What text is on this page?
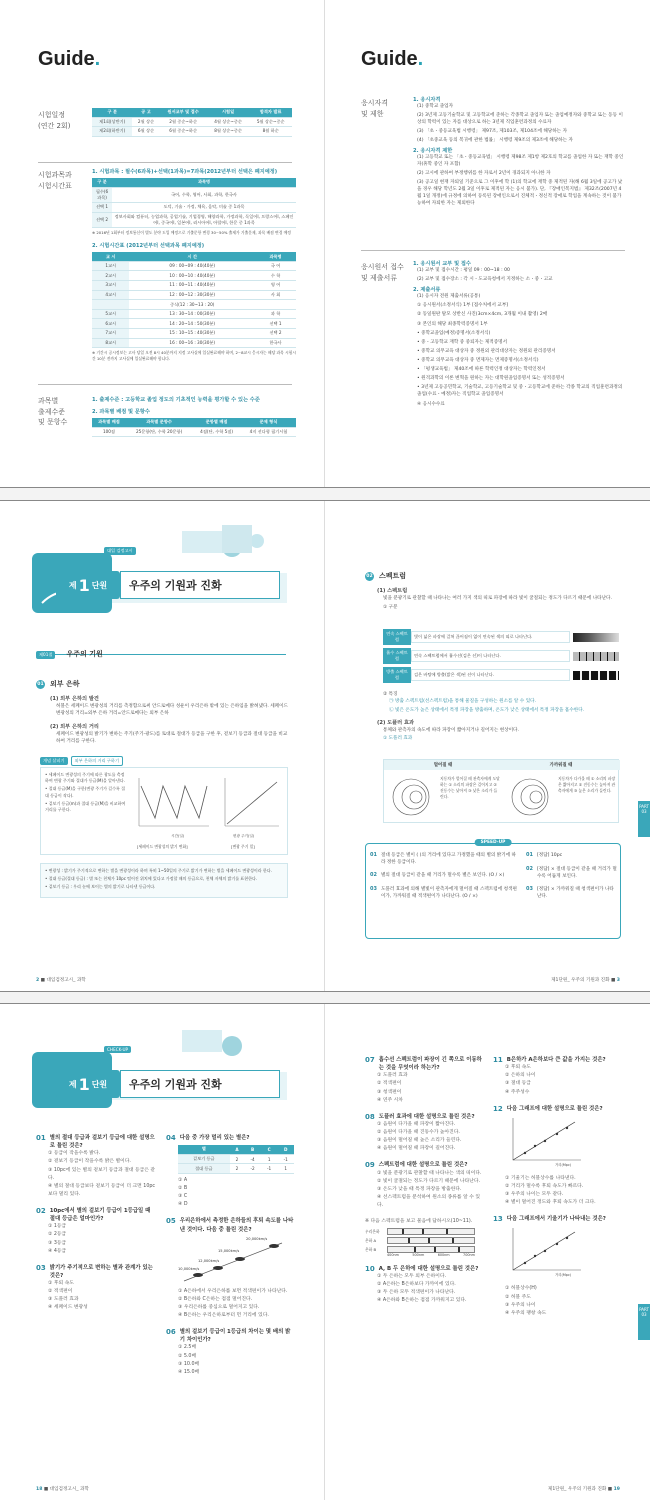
Guide.
시험일정
(연간 2회)
구 분	공 고	원서교부 및 접수	시험일	합격자 발표
제1회(상반기)	2월 상순	2월 중순~하순	4월 상순~중순	5월 상순~중순
제2회(하반기)	6월 상순	6월 중순~하순	8월 상순~중순	8월 하순
시험과목과
시험시간표
1. 시험과목 : 필수(6과목)+선택(1과목)=7과목(2012년부터 선택은 폐지예정)
구 분	과목명
필수(6과목)	국어, 수학, 영어, 사회, 과학, 한국사
선택 1	도덕, 기술・가정, 체육, 음악, 미술 중 1과목
선택 2	정보사회와 컴퓨터, 농업과학, 공업기술, 기업경영, 해양과학, 가정과학, 독일어Ⅰ, 프랑스어Ⅰ, 스페인어Ⅰ, 중국어Ⅰ, 일본어Ⅰ, 러시아어Ⅰ, 아랍어Ⅰ, 한문 중 1과목
※ 2016년 1회부터 정보통신이 별도 분야 도입 예정으로 기출문항 변경 30~50% 출제가 기출문제, 과목 배점 변경 예정
2. 시험시간표 (2012년부터 선택과목 폐지예정)
교 시	시 간	과목명
1교시	09 : 00~09 : 40(40분)	국 어
2교시	10 : 00~10 : 40(40분)	수 학
3교시	11 : 00~11 : 40(40분)	영 어
4교시	12 : 00~12 : 30(30분)	사 회
	중식(12 : 30~13 : 20)	
5교시	13 : 30~14 : 00(30분)	과 학
6교시	14 : 20~14 : 50(30분)	선택 1
7교시	15 : 10~15 : 40(30분)	선택 2
8교시	16 : 00~16 : 30(30분)	한국사
※ 기간시 공시정보는 고사 당일 오전 8시 40분까지 지정 고사실에 입실완료해야 하며, 2~8교시 응시자는 해당 과목 시험시간 10분 전까지 고사실에 입실완료해야 합니다.
과목별
출제수준
및 문항수
1. 출제수준 : 고등학교 졸업 정도의 기초적인 능력을 평가할 수 있는 수준
2. 과목별 배점 및 문항수
과목별 배점	과목별 문항수	문항별 배점	문제 형식
100점	25문항(단, 수학 20문항)	4점(단, 수학 5점)	4지 선다형 필기시험
Guide.
응시자격
및 제한
1. 응시자격
(1) 중학교 졸업자
(2) 3년제 고등기술학교 및 고등학교에 준하는 각종학교 졸업자 또는 졸업예정자와 중학교 또는 동등 이상의 학력이 있는 자를 대상으로 하는 3년제 직업훈련과정의 수료자
(3) 「초・중등교육법 시행령」 제97조, 제103조, 제104조에 해당하는 자
(4) 「초중교육 등의 복귀에 관한 법률」 시행령 제9조의 제3조에 해당하는 자
2. 응시자격 제한
(1) 고등학교 또는 「초・중등교육법」 시행령 제98조 제1항 제2호의 학교를 졸업한 자 또는 재학 중인 자(휴학 중인 자 포함)
(2) 고시에 관하여 부정행위를 한 자로서 2년이 경과되지 아니한 자
(3) 공고일 현재 자퇴일 기준으로 그 이후에 학 (1)의 학교에 재학 중 제적된 자(해 6월 3일에 공고가 났을 경우 해당 학년도 2월 3일 이후로 제적된 자는 응시 불가). 단, 『장애인복지법』 제32조(2007년 4월 1일 개정)에 규정에 의하여 등록된 장애인으로서 진체적・정신적 장애로 학업을 계속하는 것이 불가능하여 자퇴한 자는 제외한다
응시원서 접수
및 제출서류
1. 응시원서 교부 및 접수
(1) 교부 및 접수시간 : 평일 09 : 00~18 : 00
(2) 교부 및 접수장소 : 각 시・도교육청에서 지정하는 소・중・고교
2. 제출서류
(1) 응시자 전원 제출서류(공통)
① 응시원서(소정서식) 1부 [접수처에서 교부]
② 동일원판 탈모 상반신 사진(3cm×4cm, 3개월 이내 촬영) 2매
③ 본인의 해당 최종학력증명서 1부
• 중학교졸업(예정)증명서(소정서식)
• 중・고등학교 재학 중 중퇴자는 제적증명서
• 중학교 의무교육 대상자 중 정원외 관리대상자는 정원외 관리증명서
• 중학교 의무교육 대상자 중 면제자는 면제증명서(소정서식)
• 「평생교육법」 제40조에 따른 학력인정 대상자는 학력인정서
• 원격과학의 이론 변혁을 원하는 자는 대학원졸업증명서 또는 성적증명서
• 3년제 고등공민학교, 기술학교, 고등기술학교 및 중・고등학교에 준하는 각종 학교의 직업훈련과정의 졸업(수료・예정)자는 직업학교 졸업증명서
④ 응시수수료
대입 검정고시
제 1 단원	우주의 기원과 진화
제01절 우주의 기원
01 외부 은하
(1) 외부 은하의 발견
허블은 세페이드 변광성의 거리를 측정함으로써 안드로메다 성운이 우리은하 밖에 있는 은하임을 밝혀냈다. 세페이드 변광성의 거리=외부 은하 거리=안드로메다는 외부 은하
(2) 외부 은하의 거리
세페이드 변광성의 밝기가 변하는 주기(주기-광도)를 토대로 절대가 등급을 구한 후, 겉보기 등급과 절대 등급을 비교하여 거리를 구한다.
개념 살피기	외부 은하의 거리 구하기
• 세페이드 변광성의 주기에 따른 광도를 측정하여 변광 주기와 절대가 등급(M)을 알아낸다.
• 절대 등급(M)을 구한(변광 주기가 길수록 절대 등급이 작다).
• 겉보기 등급(m)과 절대 등급(M)을 비교하여 거리를 구한다.
시간(일)	변광 주기(일)
[세페이드 변광성의 밝기 변화]	[변광 주기 밀]
• 변광성 : 밝기가 주기적으로 변하는 별을 변광성이라 하며 특히 1~50일의 주기로 밝기가 변하는 별을 세페이드 변광성이라 한다.
• 절대 등급(절대 등급) : 별 또는 천체가 10pc 떨어진 위치에 있다고 가정할 때의 등급으로, 천체 자체의 밝기를 표현한다.
• 겉보기 등급 : 우리 눈에 보이는 별의 밝기로 나타낸 등급이다.
2 ■ 대입검정고시_ 과학
02 스펙트럼
(1) 스펙트럼
빛을 분광기로 관찰할 때 나타나는 여러 가지 색의 띠로 파장에 따라 빛이 굴절되는 정도가 다르기 때문에 나타난다.
① 구분
연속 스펙트럼
빛이 넓은 파장에 걸쳐 끊어짐이 없이 연속된 색의 띠로 나타난다.
흡수 스펙트럼
연속 스펙트럼에서 흡수선(검은 선)이 나타난다.
방출 스펙트럼
검은 바탕에 방출(밝은 색)된 선이 나타난다.
② 특징
㉠ 방출 스펙트럼(선스펙트럼)을 통해 물질을 구성하는 원소를 알 수 있다.
㉡ 빛은 온도가 높은 상태에서 특정 파장을 방출하며, 온도가 낮은 상태에서 특정 파장을 흡수한다.
(2) 도플러 효과
통체와 관측자의 속도에 따라 파장이 짧아지거나 길어지는 현상이다.
① 도플러 효과
멀어질 때	가까워질 때
지동차가 멀어질 때 관측자에게 도달하는 ① 소리의 파장은 길어지고 ② 진동수는 낮아져 ③ 낮은 소리가 들린다.
지동차가 다가올 때 ① 소리의 파장은 짧아지고 ② 진동수는 높아져 관측자에게 ③ 높은 소리가 들린다.
SPEED-UP
01 절대 등급은 별이 ( )의 거리에 있다고 가정했을 때의 별의 밝기에 따라 정한 등급이다.
02 별의 절대 등급이 같을 때 거리가 멀수록 별은 보인다. (O / ×)
03 도플러 효과에 의해 별빛이 관측자에게 멀어질 때 스펙트럼에 청색편이가, 가까워질 때 적색편이가 나타난다. (O / ×)
01 [정답] 10pc
02 [정답] × 절대 등급이 같을 때 거리가 멀수록 어둡게 보인다.
03 [정답] × 가까워질 때 청색편이가 나타난다.
PART 03
제1단원_ 우주의 기원과 진화 ■ 3
CHECK-UP
제 1 단원	우주의 기원과 진화
01 별의 절대 등급과 겉보기 등급에 대한 설명으로 틀린 것은?
① 등급이 작을수록 밝다.
② 겉보기 등급이 작을수록 밝은 별이다.
③ 10pc에 있는 별의 겉보기 등급과 절대 등급은 같다.
④ 별의 절대 등급보다 겉보기 등급이 더 크면 10pc보다 멀리 있다.
02 10pc에서 별의 겉보기 등급이 1등급일 때 절대 등급은 얼마인가?
① 1등급
② 2등급
③ 3등급
④ 4등급
03 밝기가 주기적으로 변하는 별과 관계가 있는 것은?
① 후퇴 속도
② 적색편이
③ 도플러 효과
④ 세페이드 변광성
04 다음 중 가장 멀리 있는 별은?
별	A	B	C	D
겉보기 등급	2	-4	1	-1
절대 등급	2	-2	-1	1
① A
② B
③ C
④ D
05 우리은하에서 측정한 은하들의 후퇴 속도를 나타낸 것이다. 다음 중 틀린 것은?
20,000km/s
15,000km/s
12,000km/s
10,000km/s
① A은하에서 우리은하를 보면 적색편이가 나타난다.
② B은하와 C은하는 점점 멀어진다.
③ 우리은하를 중심으로 멀어지고 있다.
④ B은하는 우리은하로부터 먼 거리에 있다.
06 별의 겉보기 등급이 1등급의 차이는 몇 배의 밝기 차이인가?
① 2.5배
② 5.0배
③ 10.0배
④ 15.0배
18 ■ 대입검정고시_ 과학
07 흡수선 스펙트럼이 파장이 긴 쪽으로 이동하는 것을 무엇이라 하는가?
① 도플러 효과
② 적색편이
③ 청색편이
④ 연주 시차
08 도플러 효과에 대한 설명으로 틀린 것은?
① 음원이 다가올 때 파장이 짧아진다.
② 음원이 다가올 때 진동수가 높아진다.
③ 음원이 멀어질 때 높은 소리가 들린다.
④ 음원이 멀어질 때 파장이 길어진다.
09 스펙트럼에 대한 설명으로 틀린 것은?
① 빛을 분광기로 관찰할 때 나타나는 색의 띠이다.
② 빛이 굴절되는 정도가 다르기 때문에 나타난다.
③ 온도가 낮을 때 특정 파장을 방출한다.
④ 선스펙트럼을 분석하여 원소의 종류를 알 수 있다.
※ 다음 스펙트럼을 보고 물음에 답하시오(10~11).
우리은하
은하 A
은하 B
400nm	500nm	600nm	700nm
10 A, B 두 은하에 대한 설명으로 틀린 것은?
① 두 은하는 모두 외부 은하이다.
② A은하는 B은하보다 가까이에 있다.
③ 두 은하 모두 적색편이가 나타난다.
④ A은하와 B은하는 점점 가까워지고 있다.
11 B은하가 A은하보다 큰 값을 가지는 것은?
① 후퇴 속도
② 은하의 나이
③ 절대 등급
④ 주주성수
12 다음 그래프에 대한 설명으로 틀린 것은?
거리(Mpc)
① 기울기는 허블상수를 나타낸다.
② 거리가 멀수록 후퇴 속도가 빠르다.
③ 우주의 나이는 모두 같다.
④ 별이 멀어진 정도와 후퇴 속도가 더 크다.
13 다음 그래프에서 기울기가 나타내는 것은?
거리(Mpc)
① 허블상수(H)
② 허블 주도
③ 우주의 나이
④ 우주의 팽창 속도
PART 03
제1단원_ 우주의 기원과 진화 ■ 19
